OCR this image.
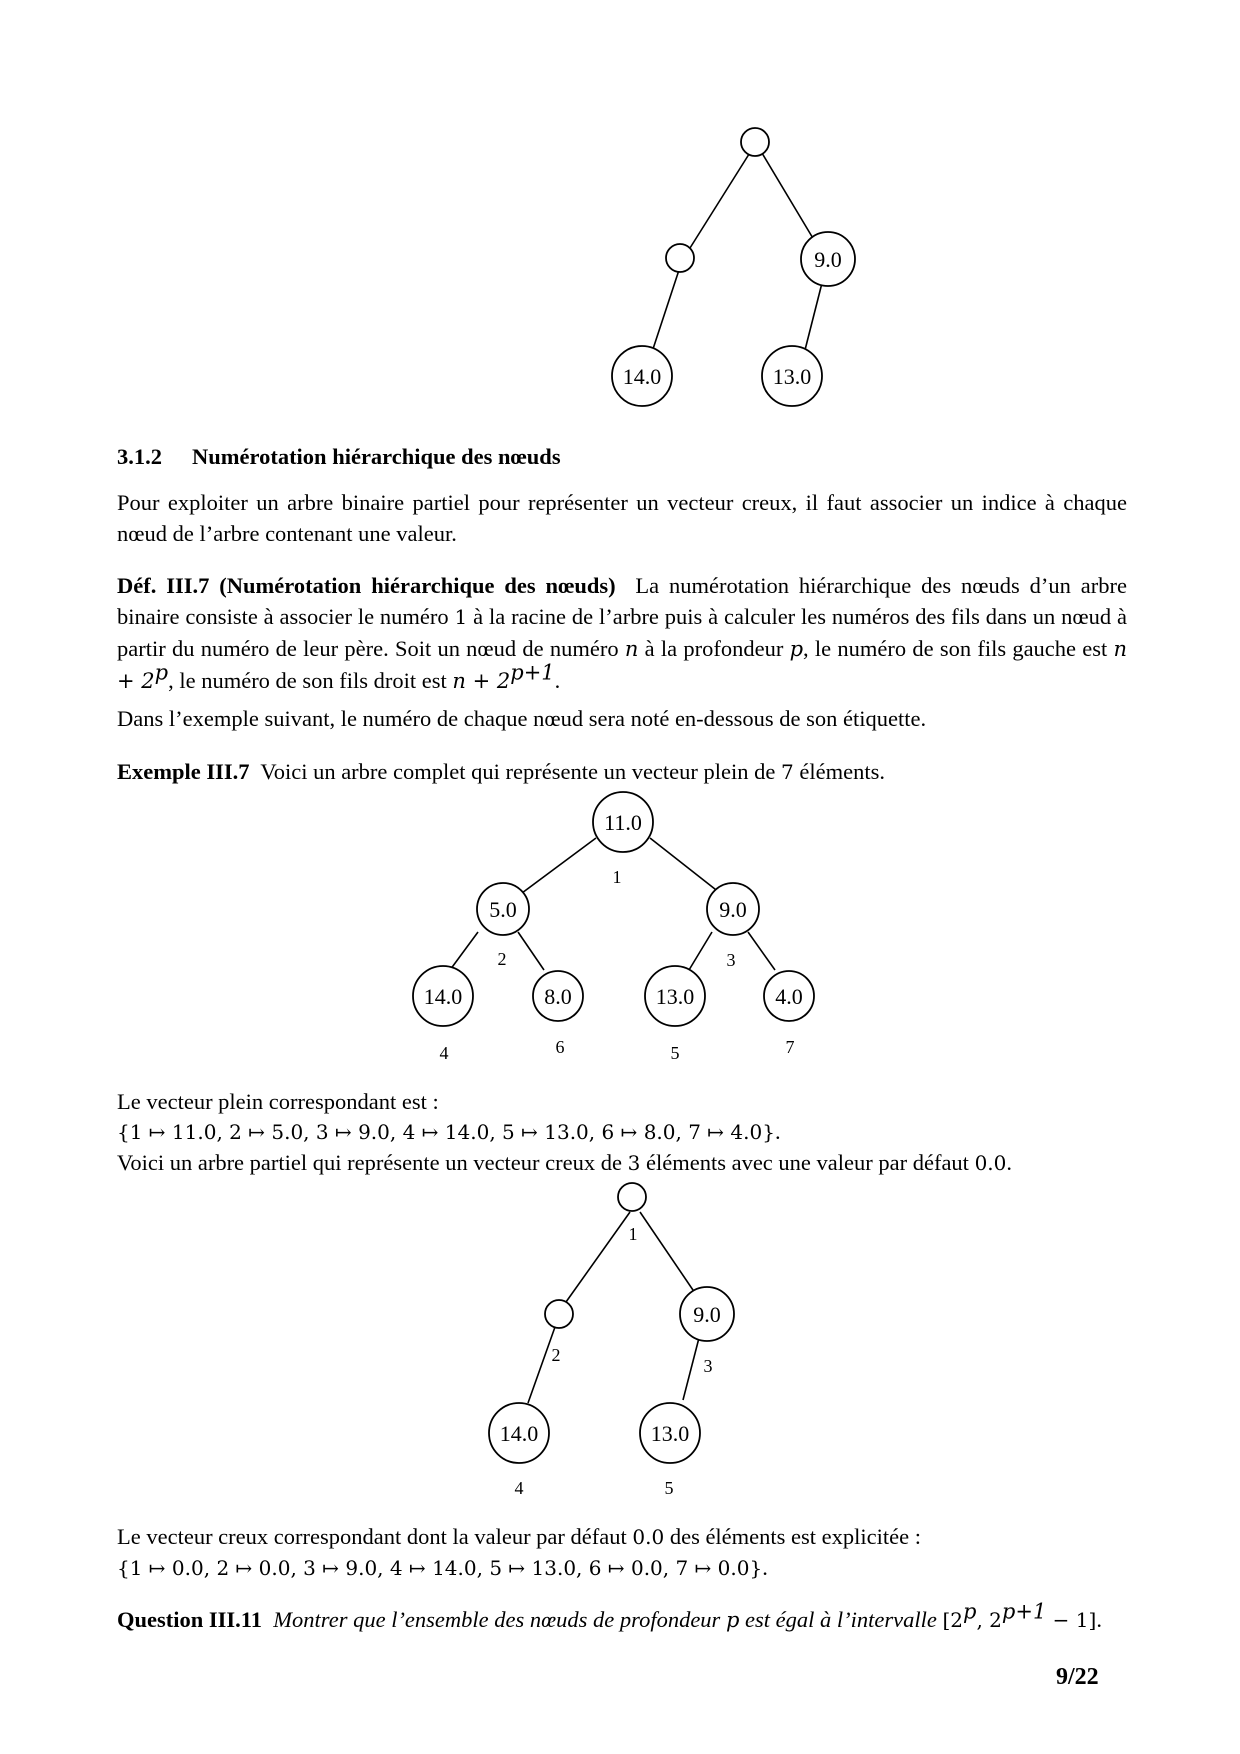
9.0
14.0	13.0

3.1.2 Numérotation hiérarchique des nœuds

Pour exploiter un arbre binaire partiel pour représenter un vecteur creux, il faut associer un indice à chaque nœud de l’arbre contenant une valeur.

Déf. III.7 (Numérotation hiérarchique des nœuds) La numérotation hiérarchique des nœuds d’un arbre binaire consiste à associer le numéro 1 à la racine de l’arbre puis à calculer les numéros des fils dans un nœud à partir du numéro de leur père. Soit un nœud de numéro n à la profondeur p, le numéro de son fils gauche est $n + 2^p$, le numéro de son fils droit est $n + 2^{p+1}$.

Dans l’exemple suivant, le numéro de chaque nœud sera noté en-dessous de son étiquette.

Exemple III.7 Voici un arbre complet qui représente un vecteur plein de 7 éléments.

11.0
5.0	9.0
14.0	8.0	13.0	4.0
1
2	3
4	6	5	7

Le vecteur plein correspondant est :

{1 ↦ 11.0, 2 ↦ 5.0, 3 ↦ 9.0, 4 ↦ 14.0, 5 ↦ 13.0, 6 ↦ 8.0, 7 ↦ 4.0}.

Voici un arbre partiel qui représente un vecteur creux de 3 éléments avec une valeur par défaut 0.0.

9.0
14.0	13.0
1
2
3
4	5

Le vecteur creux correspondant dont la valeur par défaut 0.0 des éléments est explicitée :

{1 ↦ 0.0, 2 ↦ 0.0, 3 ↦ 9.0, 4 ↦ 14.0, 5 ↦ 13.0, 6 ↦ 0.0, 7 ↦ 0.0}.

Question III.11 Montrer que l’ensemble des nœuds de profondeur p est égal à l’intervalle [2$^p$, $2^{p+1} - 1$].

9/22
